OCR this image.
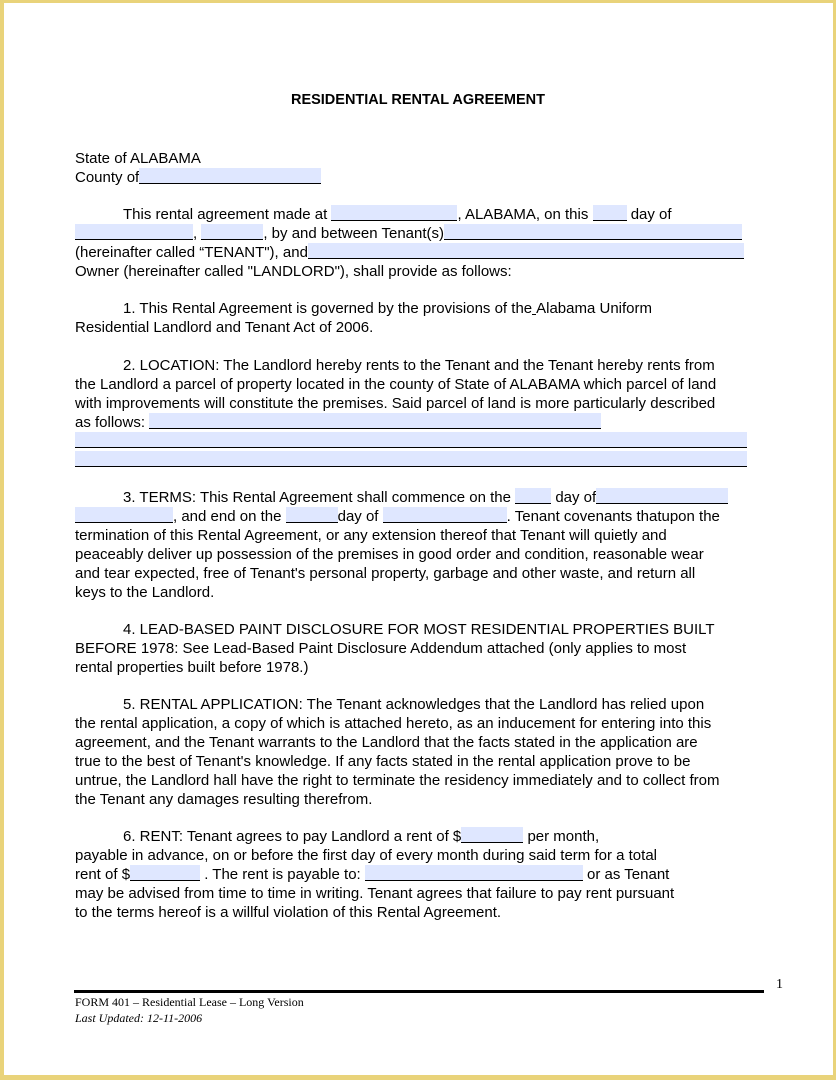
RESIDENTIAL RENTAL AGREEMENT
State of ALABAMA
County of
This rental agreement made at	, ALABAMA, on this	day of
,	, by and between Tenant(s)
(hereinafter called “TENANT"), and
Owner (hereinafter called "LANDLORD"), shall provide as follows:
1. This Rental Agreement is governed by the provisions of the Alabama Uniform
Residential Landlord and Tenant Act of 2006.
2. LOCATION: The Landlord hereby rents to the Tenant and the Tenant hereby rents from
the Landlord a parcel of property located in the county of State of ALABAMA which parcel of land
with improvements will constitute the premises. Said parcel of land is more particularly described
as follows:
3. TERMS: This Rental Agreement shall commence on the	day of
, and end on the	day of	. Tenant covenants thatupon the
termination of this Rental Agreement, or any extension thereof that Tenant will quietly and
peaceably deliver up possession of the premises in good order and condition, reasonable wear
and tear expected, free of Tenant's personal property, garbage and other waste, and return all
keys to the Landlord.
4. LEAD-BASED PAINT DISCLOSURE FOR MOST RESIDENTIAL PROPERTIES BUILT
BEFORE 1978: See Lead-Based Paint Disclosure Addendum attached (only applies to most
rental properties built before 1978.)
5. RENTAL APPLICATION: The Tenant acknowledges that the Landlord has relied upon
the rental application, a copy of which is attached hereto, as an inducement for entering into this
agreement, and the Tenant warrants to the Landlord that the facts stated in the application are
true to the best of Tenant's knowledge. If any facts stated in the rental application prove to be
untrue, the Landlord hall have the right to terminate the residency immediately and to collect from
the Tenant any damages resulting therefrom.
6. RENT: Tenant agrees to pay Landlord a rent of $	per month,
payable in advance, on or before the first day of every month during said term for a total
rent of $	. The rent is payable to:	or as Tenant
may be advised from time to time in writing. Tenant agrees that failure to pay rent pursuant
to the terms hereof is a willful violation of this Rental Agreement.
1
FORM 401 – Residential Lease – Long Version
Last Updated: 12-11-2006
